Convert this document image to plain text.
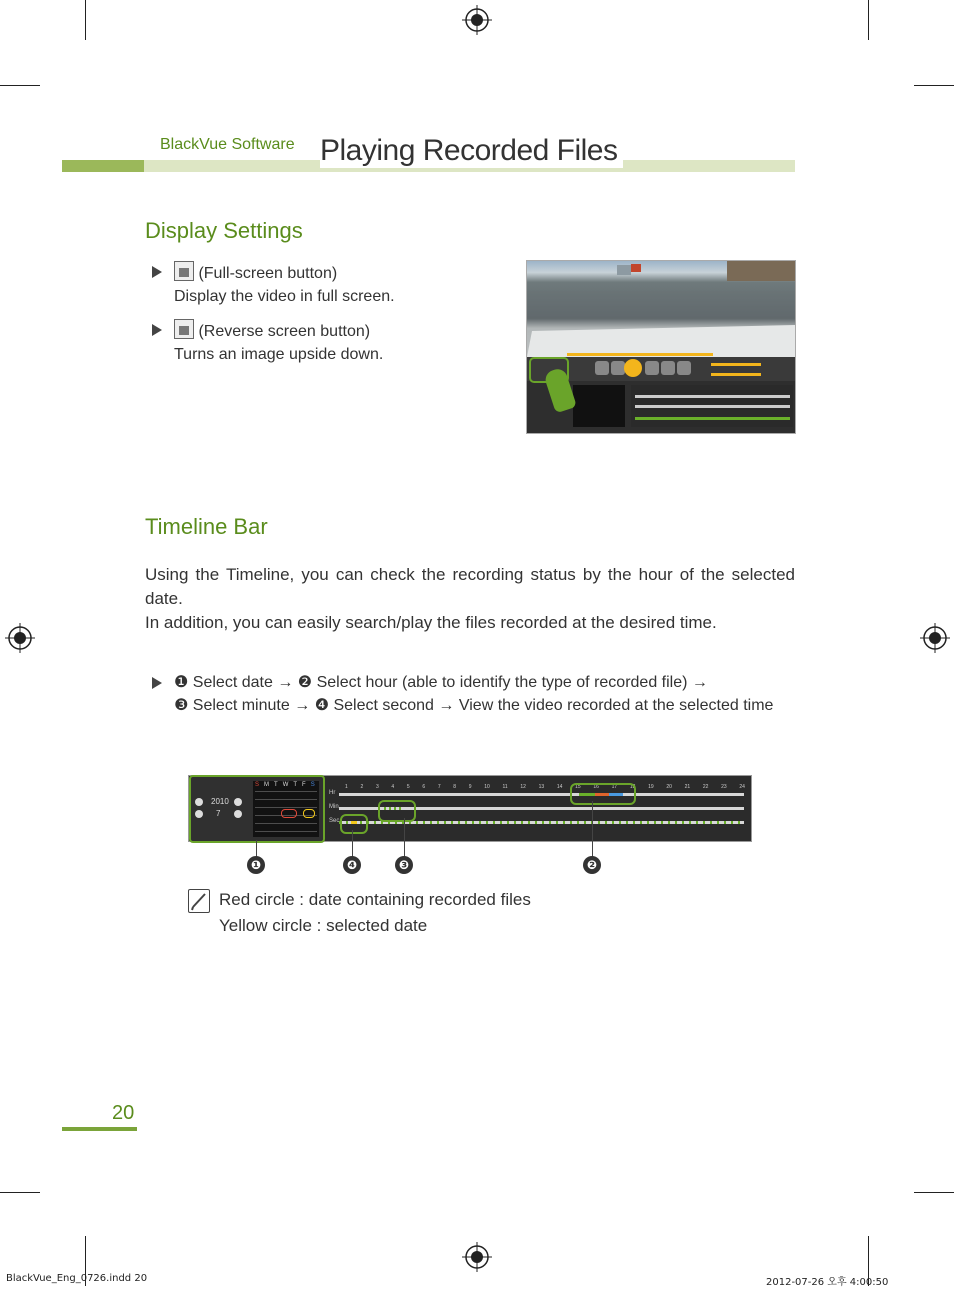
BlackVue Software Playing Recorded Files
Display Settings
(Full-screen button)
Display the video in full screen.
(Reverse screen button)
Turns an image upside down.
Timeline Bar
Using the Timeline, you can check the recording status by the hour of the selected date.
In addition, you can easily search/play the files recorded at the desired time.
❶ Select date → ❷ Select hour (able to identify the type of recorded file) →
❸ Select minute → ❹ Select second → View the video recorded at the selected time
2010
7
SMTWTFS	1	2	3	4	5	6	7	8	9	10	11	12	13	14	15	16	17	18	19	20	21	22	23	24
Hr
Min
Sec
❶	❹	❸	❷
Red circle : date containing recorded files
Yellow circle : selected date
20
BlackVue_Eng_0726.indd 20	2012-07-26 오후 4:00:50
